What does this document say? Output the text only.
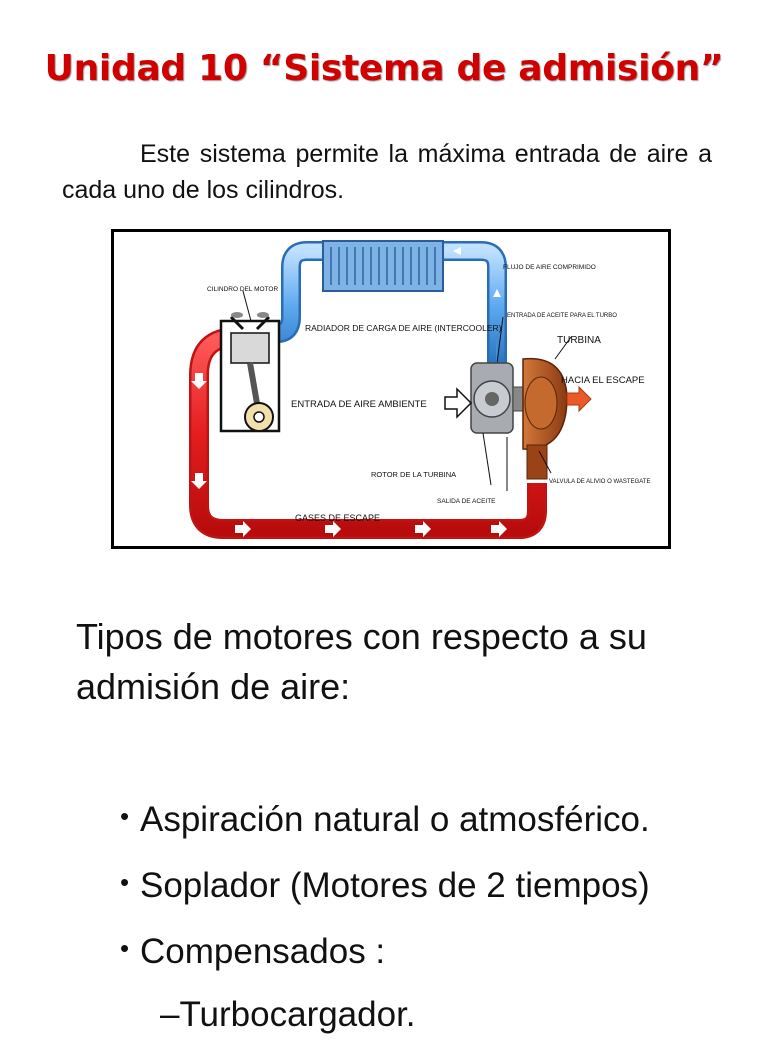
Unidad 10 “Sistema de admisión”
Este sistema permite la máxima entrada de aire a cada uno de los cilindros.
CILINDRO DEL MOTOR
RADIADOR DE CARGA DE AIRE (INTERCOOLER)
FLUJO DE AIRE COMPRIMIDO
ENTRADA DE ACEITE PARA EL TURBO
TURBINA
HACIA EL ESCAPE
ENTRADA DE AIRE AMBIENTE
ROTOR DE LA TURBINA
SALIDA DE ACEITE
VALVULA DE ALIVIO O WASTEGATE
GASES DE ESCAPE
Tipos de motores con respecto a su admisión de aire:
• Aspiración natural o atmosférico.
• Soplador (Motores de 2 tiempos)
• Compensados :
–Turbocargador.
